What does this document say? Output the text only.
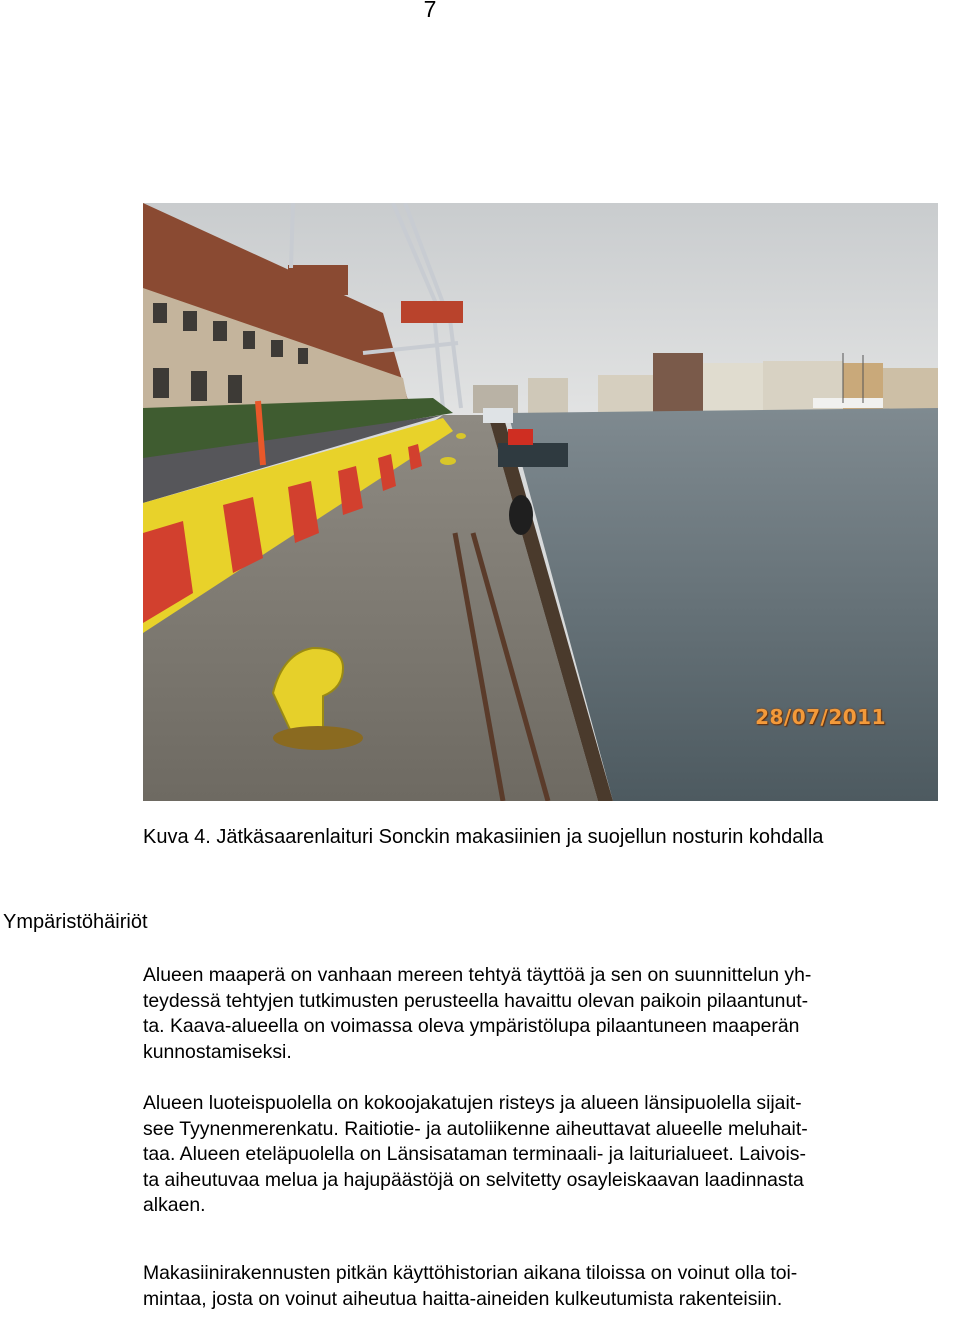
7
28/07/2011
Kuva 4. Jätkäsaarenlaituri Sonckin makasiinien ja suojellun nosturin kohdalla
Ympäristöhäiriöt

Alueen maaperä on vanhaan mereen tehtyä täyttöä ja sen on suunnittelun yh-
teydessä tehtyjen tutkimusten perusteella havaittu olevan paikoin pilaantunut-
ta. Kaava-alueella on voimassa oleva ympäristölupa pilaantuneen maaperän
kunnostamiseksi.

Alueen luoteispuolella on kokoojakatujen risteys ja alueen länsipuolella sijait-
see Tyynenmerenkatu. Raitiotie- ja autoliikenne aiheuttavat alueelle meluhait-
taa. Alueen eteläpuolella on Länsisataman terminaali- ja laiturialueet. Laivois-
ta aiheutuvaa melua ja hajupäästöjä on selvitetty osayleiskaavan laadinnasta
alkaen.

Makasiinirakennusten pitkän käyttöhistorian aikana tiloissa on voinut olla toi-
mintaa, josta on voinut aiheutua haitta-aineiden kulkeutumista rakenteisiin.
